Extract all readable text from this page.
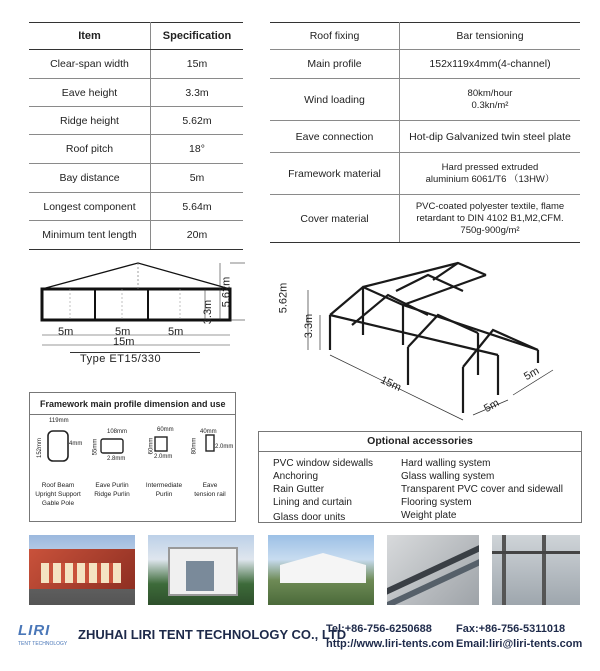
Item	Specification
Clear-span width	15m
Eave height	3.3m
Ridge height	5.62m
Roof pitch	18°
Bay distance	5m
Longest component	5.64m
Minimum tent length	20m
Roof fixing	Bar tensioning
Main profile	152x119x4mm(4-channel)
Wind loading	80km/hour
0.3kn/m²

Eave connection	Hot-dip Galvanized twin steel plate
Framework material	Hard pressed extruded
aluminium 6061/T6 （13HW）

Cover material	PVC-coated polyester textile, flame
retardant to DIN 4102 B1,M2,CFM.
750g-900g/m²
5m	5m	5m
15m
3.3m
5.62m
Type ET15/330
5.62m
3.3m
15m
5m
5m
Framework main profile dimension and use
119mm
152mm	4mm
108mm
55mm
2.8mm
60mm
60mm
2.0mm
40mm
80mm	2.0mm
Roof Beam
Upright Support
Gable Pole
Eave Purlin
Ridge Purlin
Intermediate
Purlin
Eave
tension rail
Optional accessories
PVC window sidewalls
Anchoring
Rain Gutter
Lining and curtain
Glass door units
Hard walling system
Glass walling system
Transparent PVC cover and sidewall
Flooring system
Weight plate
LIRI
TENT TECHNOLOGY
ZHUHAI LIRI TENT TECHNOLOGY CO., LTD
Tel:+86-756-6250688 Fax:+86-756-5311018
http://www.liri-tents.com Email:liri@liri-tents.com
